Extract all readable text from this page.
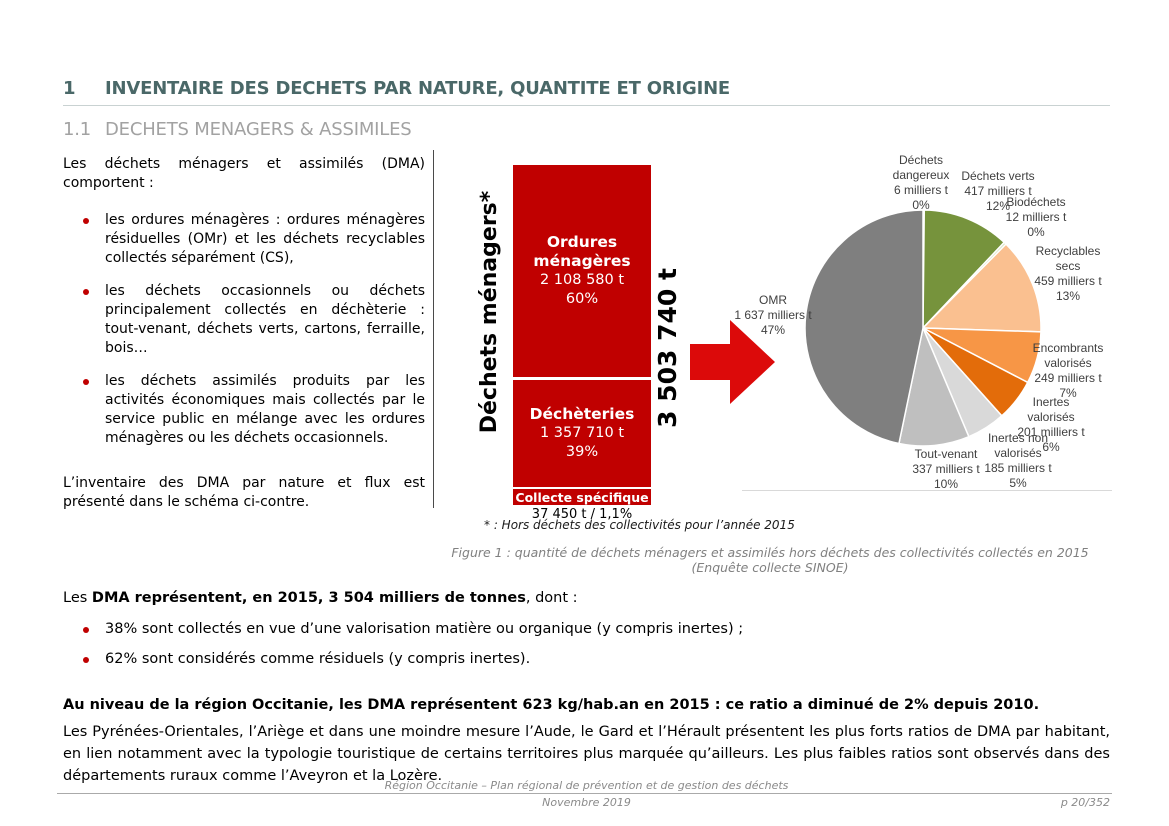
1	INVENTAIRE DES DECHETS PAR NATURE, QUANTITE ET ORIGINE
1.1 DECHETS MENAGERS & ASSIMILES

Les déchets ménagers et assimilés (DMA) comportent :

les ordures ménagères : ordures ménagères résiduelles (OMr) et les déchets recyclables collectés séparément (CS),
les déchets occasionnels ou déchets principalement collectés en déchèterie : tout-venant, déchets verts, cartons, ferraille, bois…
les déchets assimilés produits par les activités économiques mais collectés par le service public en mélange avec les ordures ménagères ou les déchets occasionnels.

L’inventaire des DMA par nature et flux est présenté dans le schéma ci-contre.

Déchets ménagers*	Ordures ménagères
2 108 580 t
60%
Déchèteries
1 357 710 t
39%
Collecte spécifique
37 450 t / 1,1%
3 503 740 t
* : Hors déchets des collectivités pour l’année 2015
Déchets
dangereux
6 milliers t
0%
Déchets verts
417 milliers t
12%
Biodéchets
12 milliers t
0%
Recyclables
secs
459 milliers t
13%
Encombrants
valorisés
249 milliers t
7%
Inertes
valorisés
201 milliers t
6%
Inertes non
valorisés
185 milliers t
5%
Tout-venant
337 milliers t
10%
OMR
1 637 milliers t
47%
Figure 1 : quantité de déchets ménagers et assimilés hors déchets des collectivités collectés en 2015 (Enquête collecte SINOE)
Les DMA représentent, en 2015, 3 504 milliers de tonnes, dont :
38% sont collectés en vue d’une valorisation matière ou organique (y compris inertes) ;
62% sont considérés comme résiduels (y compris inertes).
Au niveau de la région Occitanie, les DMA représentent 623 kg/hab.an en 2015 : ce ratio a diminué de 2% depuis 2010.
Les Pyrénées-Orientales, l’Ariège et dans une moindre mesure l’Aude, le Gard et l’Hérault présentent les plus forts ratios de DMA par habitant, en lien notamment avec la typologie touristique de certains territoires plus marquée qu’ailleurs. Les plus faibles ratios sont observés dans des départements ruraux comme l’Aveyron et la Lozère.
Région Occitanie – Plan régional de prévention et de gestion des déchets
Novembre 2019	p 20/352
